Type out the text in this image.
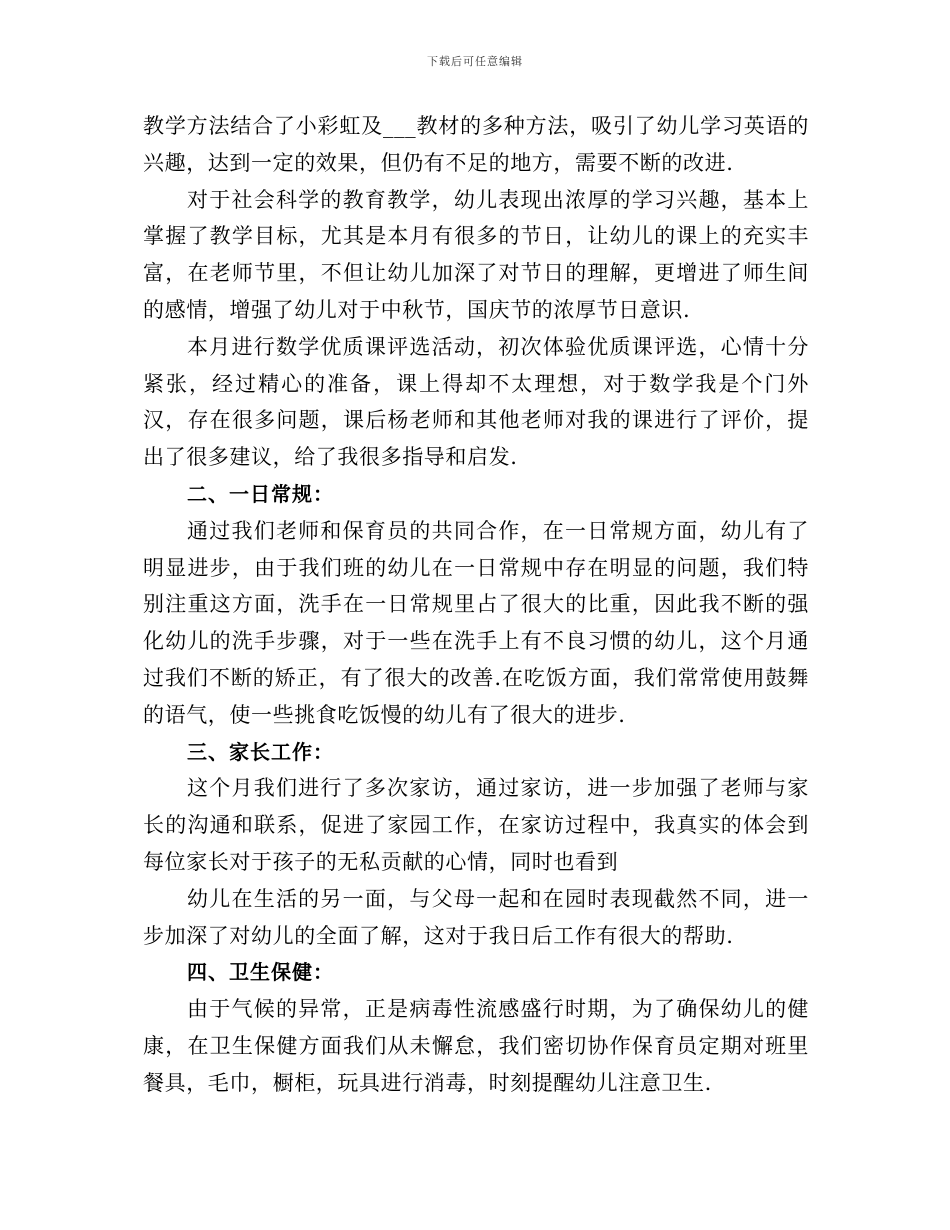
下载后可任意编辑

教学方法结合了小彩虹及___教材的多种方法，吸引了幼儿学习英语的兴趣，达到一定的效果，但仍有不足的地方，需要不断的改进.

对于社会科学的教育教学，幼儿表现出浓厚的学习兴趣，基本上掌握了教学目标，尤其是本月有很多的节日，让幼儿的课上的充实丰富，在老师节里，不但让幼儿加深了对节日的理解，更增进了师生间的感情，增强了幼儿对于中秋节，国庆节的浓厚节日意识.

本月进行数学优质课评选活动，初次体验优质课评选，心情十分紧张，经过精心的准备，课上得却不太理想，对于数学我是个门外汉，存在很多问题，课后杨老师和其他老师对我的课进行了评价，提出了很多建议，给了我很多指导和启发.

二、一日常规：

通过我们老师和保育员的共同合作，在一日常规方面，幼儿有了明显进步，由于我们班的幼儿在一日常规中存在明显的问题，我们特别注重这方面，洗手在一日常规里占了很大的比重，因此我不断的强化幼儿的洗手步骤，对于一些在洗手上有不良习惯的幼儿，这个月通过我们不断的矫正，有了很大的改善.在吃饭方面，我们常常使用鼓舞的语气，使一些挑食吃饭慢的幼儿有了很大的进步.

三、家长工作：

这个月我们进行了多次家访，通过家访，进一步加强了老师与家长的沟通和联系，促进了家园工作，在家访过程中，我真实的体会到每位家长对于孩子的无私贡献的心情，同时也看到

幼儿在生活的另一面，与父母一起和在园时表现截然不同，进一步加深了对幼儿的全面了解，这对于我日后工作有很大的帮助.

四、卫生保健：

由于气候的异常，正是病毒性流感盛行时期，为了确保幼儿的健康，在卫生保健方面我们从未懈怠，我们密切协作保育员定期对班里餐具，毛巾，橱柜，玩具进行消毒，时刻提醒幼儿注意卫生.
